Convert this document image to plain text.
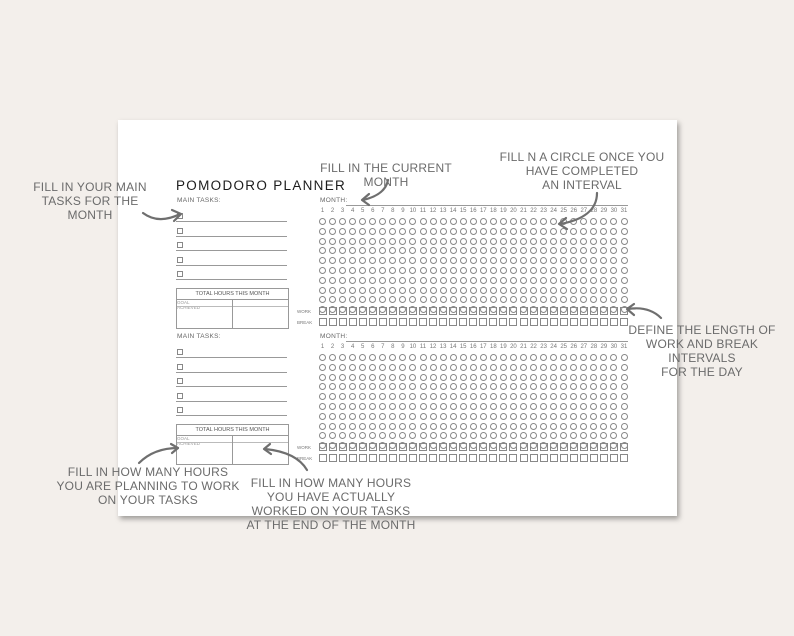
POMODORO PLANNER
FILL IN YOUR MAIN
TASKS FOR THE MONTH
FILL IN THE CURRENT MONTH
FILL N A CIRCLE ONCE YOU
HAVE COMPLETED
AN INTERVAL
DEFINE THE LENGTH OF
WORK AND BREAK INTERVALS
FOR THE DAY
FILL IN HOW MANY HOURS
YOU ARE PLANNING TO WORK
ON YOUR TASKS
FILL IN HOW MANY HOURS
YOU HAVE ACTUALLY
WORKED ON YOUR TASKS
AT THE END OF THE MONTH
MAIN TASKS:
TOTAL HOURS THIS MONTH
GOAL
ACHIEVED
MONTH:
1	2	3	4	5	6	7	8	9 10 11 12 13 14 15 16 17 18 19 20 21 22 23 24 25 26 27 28 29 30 31
WORK
BREAK
MAIN TASKS:
TOTAL HOURS THIS MONTH
GOAL
ACHIEVED
MONTH:
1	2	3	4	5	6	7	8	9 10 11 12 13 14 15 16 17 18 19 20 21 22 23 24 25 26 27 28 29 30 31
WORK
BREAK
